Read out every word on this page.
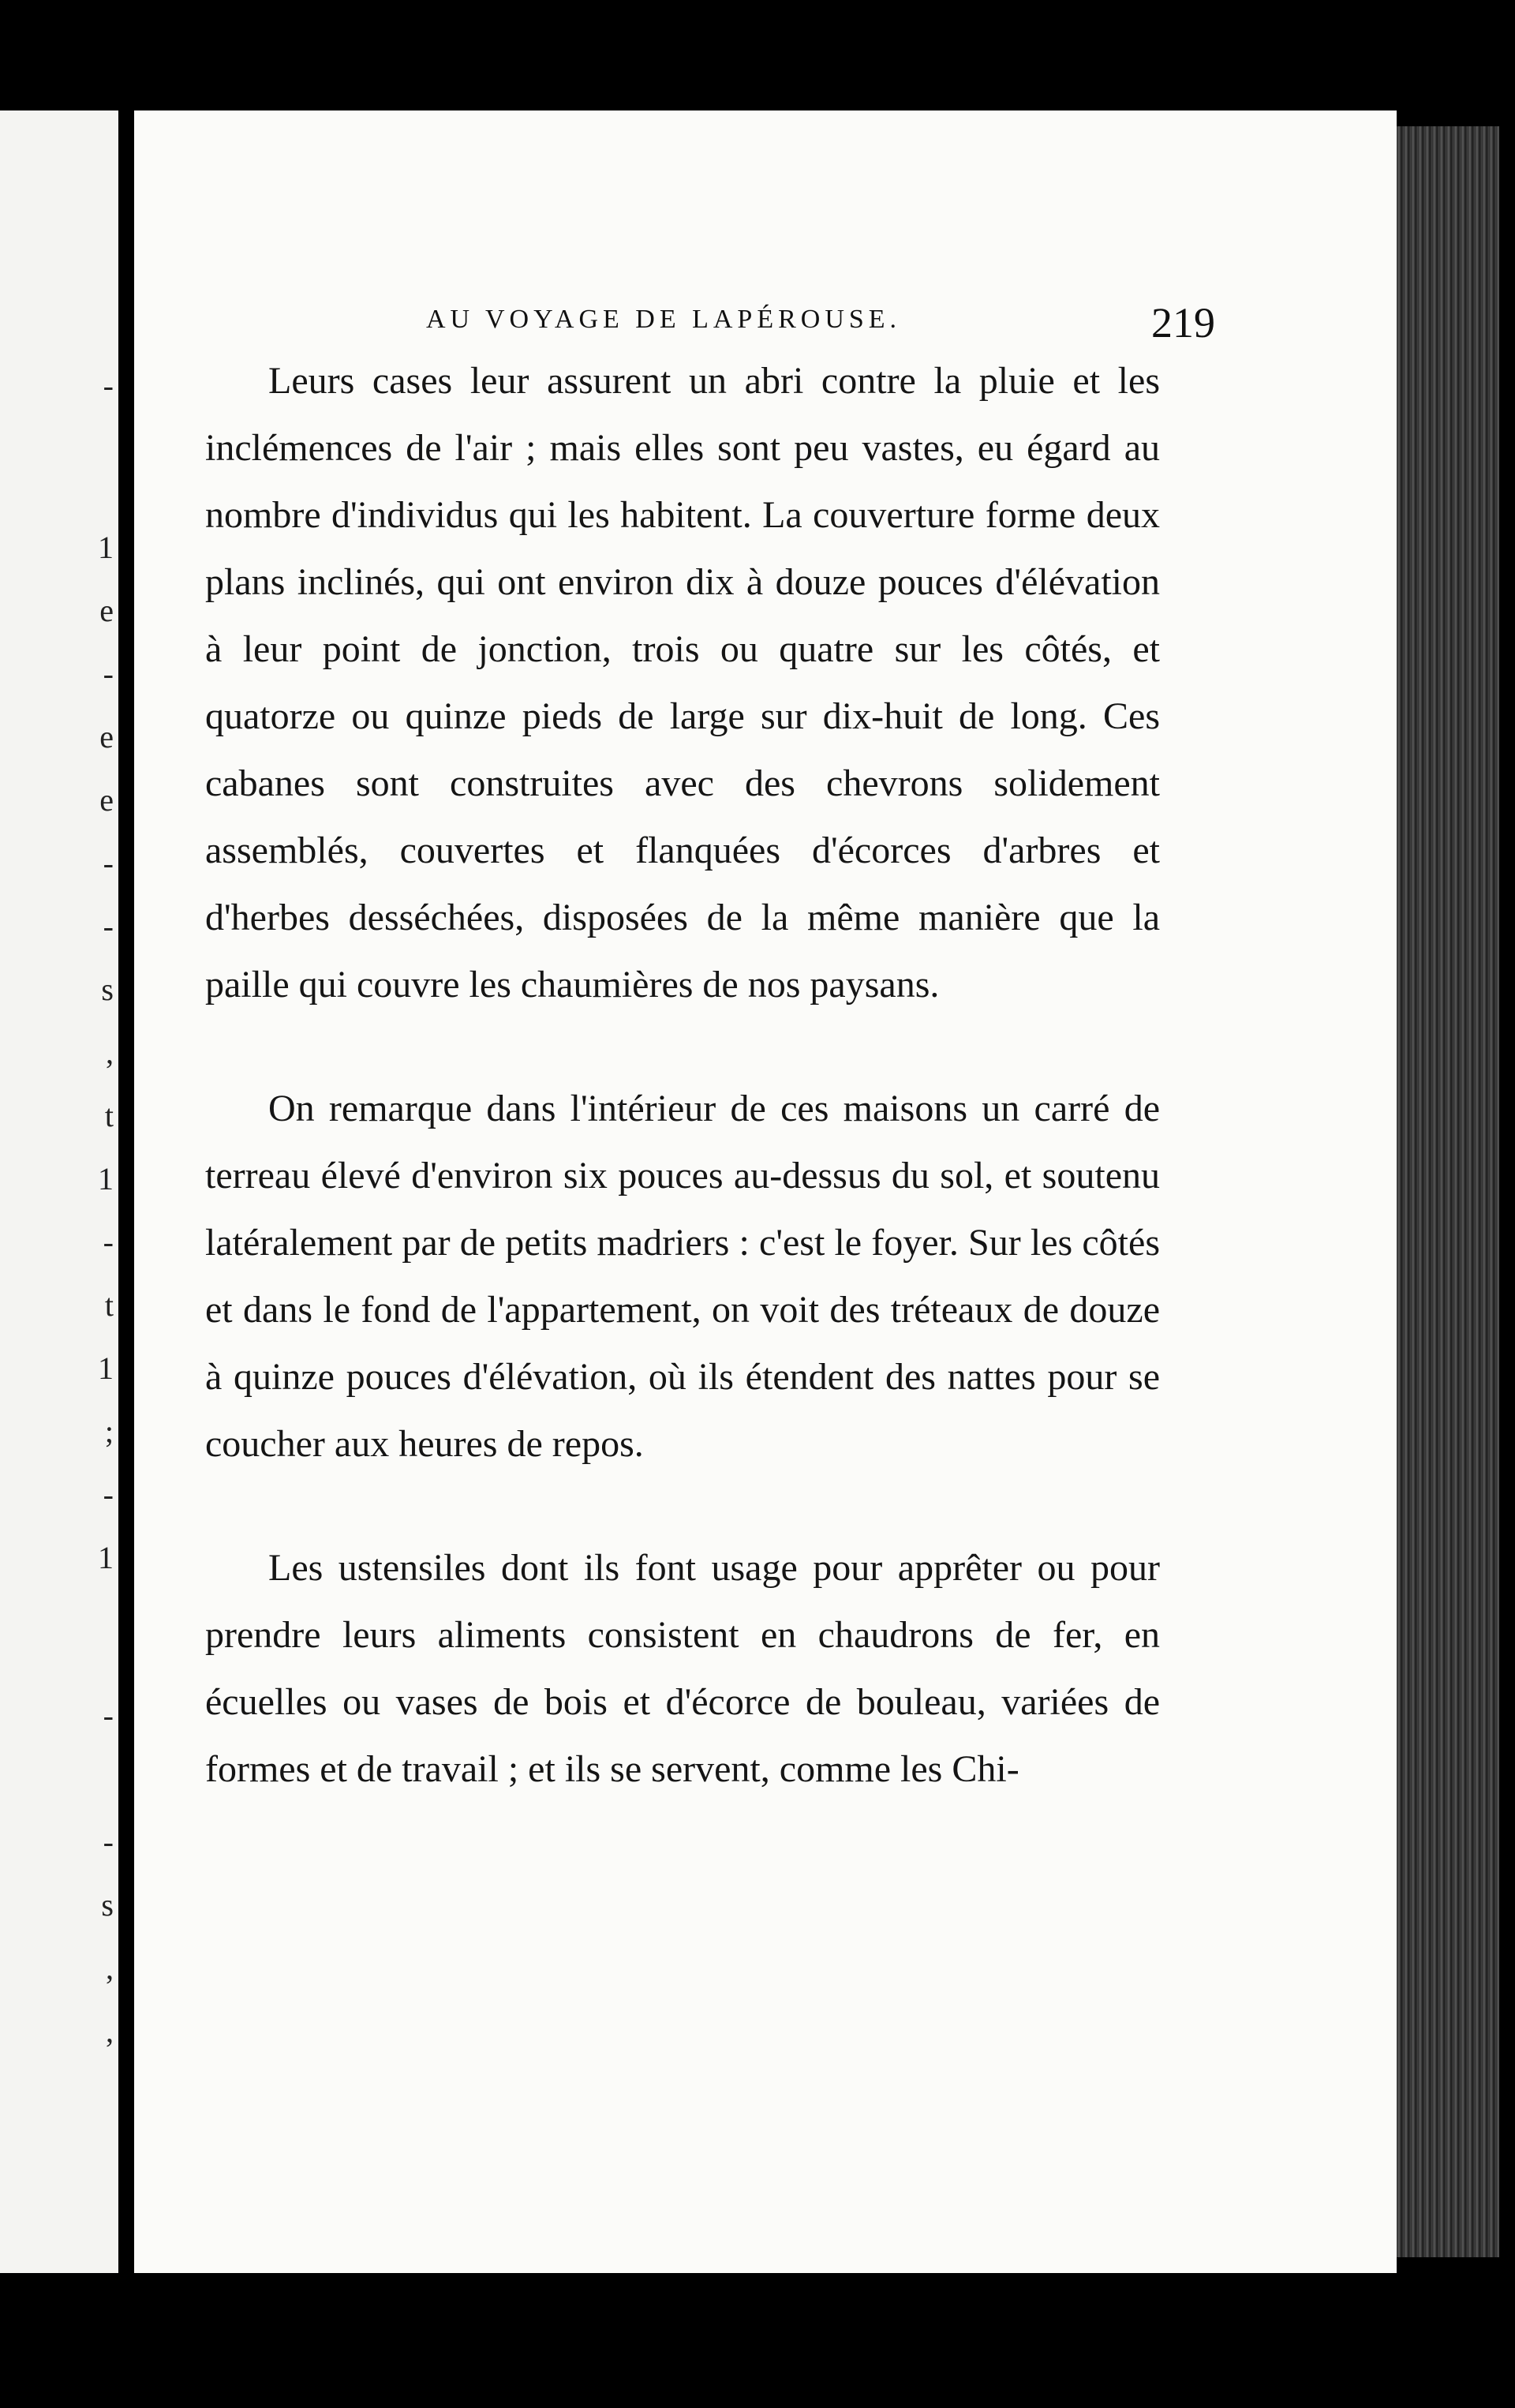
-
1
e
-
e
e
-
-
s
,
t
1
-
t
1
;
-
1
-
-
s
,
,
AU VOYAGE DE LAPÉROUSE.	219

Leurs cases leur assurent un abri contre la pluie et les inclémences de l'air ; mais elles sont peu vastes, eu égard au nombre d'individus qui les habitent. La couverture forme deux plans inclinés, qui ont environ dix à douze pouces d'élévation à leur point de jonction, trois ou quatre sur les côtés, et quatorze ou quinze pieds de large sur dix-huit de long. Ces cabanes sont construites avec des chevrons solidement assemblés, couvertes et flanquées d'écorces d'arbres et d'herbes desséchées, disposées de la même manière que la paille qui couvre les chaumières de nos paysans.

On remarque dans l'intérieur de ces maisons un carré de terreau élevé d'environ six pouces au-dessus du sol, et soutenu latéralement par de petits madriers : c'est le foyer. Sur les côtés et dans le fond de l'appartement, on voit des tréteaux de douze à quinze pouces d'élévation, où ils étendent des nattes pour se coucher aux heures de repos.

Les ustensiles dont ils font usage pour apprêter ou pour prendre leurs aliments consistent en chaudrons de fer, en écuelles ou vases de bois et d'écorce de bouleau, variées de formes et de travail ; et ils se servent, comme les Chi-
